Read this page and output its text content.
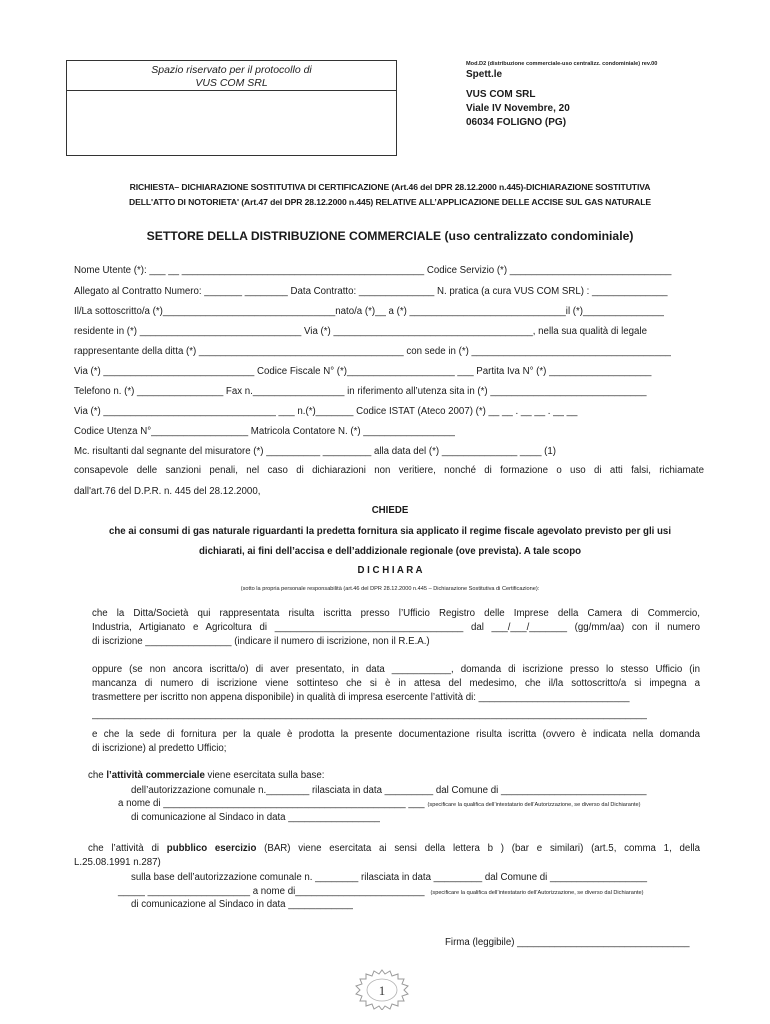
Spazio riservato per il protocollo di
VUS COM SRL
Mod.D2 (distribuzione commerciale-uso centralizz. condominiale) rev.00
Spett.le
VUS COM SRL
Viale IV Novembre, 20
06034 FOLIGNO (PG)
RICHIESTA– DICHIARAZIONE SOSTITUTIVA DI CERTIFICAZIONE (Art.46 del DPR 28.12.2000 n.445)-DICHIARAZIONE SOSTITUTIVA
DELL'ATTO DI NOTORIETA' (Art.47 del DPR 28.12.2000 n.445) RELATIVE ALL’APPLICAZIONE DELLE ACCISE SUL GAS NATURALE
SETTORE DELLA DISTRIBUZIONE COMMERCIALE (uso centralizzato condominiale)
Nome Utente (*): ___ __ _____________________________________________ Codice Servizio (*) ______________________________
Allegato al Contratto Numero: _______ ________ Data Contratto: ______________ N. pratica (a cura VUS COM SRL) : ______________
Il/La sottoscritto/a (*)________________________________nato/a (*)__ a (*) _____________________________il (*)_______________
residente in (*) ______________________________ Via (*) _____________________________________, nella sua qualità di legale
rappresentante della ditta (*) ______________________________________ con sede in (*) _____________________________________
Via (*) ____________________________ Codice Fiscale N° (*)____________________ ___ Partita Iva N° (*) ___________________
Telefono n. (*) ________________ Fax n._________________ in riferimento all’utenza sita in (*) _____________________________
Via (*) ________________________________ ___ n.(*)_______ Codice ISTAT (Ateco 2007) (*) __ __ . __ __ . __ __
Codice Utenza N°__________________ Matricola Contatore N. (*) _________________
Mc. risultanti dal segnante del misuratore (*) __________ _________ alla data del (*) ______________ ____ (1)
consapevole delle sanzioni penali, nel caso di dichiarazioni non veritiere, nonché di formazione o uso di atti falsi, richiamate
dall'art.76 del D.P.R. n. 445 del 28.12.2000,
CHIEDE
che ai consumi di gas naturale riguardanti la predetta fornitura sia applicato il regime fiscale agevolato previsto per gli usi
dichiarati, ai fini dell’accisa e dell’addizionale regionale (ove prevista). A tale scopo
D I C H I A R A
(sotto la propria personale responsabilità (art.46 del DPR 28.12.2000 n.445 – Dichiarazione Sostitutiva di Certificazione):
che la Ditta/Società qui rappresentata risulta iscritta presso l’Ufficio Registro delle Imprese della Camera di Commercio,
Industria, Artigianato e Agricoltura di ___________________________________ dal ___/___/_______ (gg/mm/aa) con il numero
di iscrizione ________________ (indicare il numero di iscrizione, non il R.E.A.)
oppure (se non ancora iscritta/o) di aver presentato, in data ___________, domanda di iscrizione presso lo stesso Ufficio (in
mancanza di numero di iscrizione viene sottinteso che si è in attesa del medesimo, che il/la sottoscritto/a si impegna a
trasmettere per iscritto non appena disponibile) in qualità di impresa esercente l’attività di: ____________________________
_______________________________________________________________________________________________________
e che la sede di fornitura per la quale è prodotta la presente documentazione risulta iscritta (ovvero è indicata nella domanda
di iscrizione) al predetto Ufficio;
che l’attività commerciale viene esercitata sulla base:
dell’autorizzazione comunale n.________ rilasciata in data _________ dal Comune di ___________________________
a nome di _____________________________________________ ___ (specificare la qualifica dell’intestatario dell’Autorizzazione, se diverso dal Dichiarante)
di comunicazione al Sindaco in data _________________
che l’attività di pubblico esercizio (BAR) viene esercitata ai sensi della lettera b ) (bar e similari) (art.5, comma 1, della
L.25.08.1991 n.287)
sulla base dell’autorizzazione comunale n. ________ rilasciata in data _________ dal Comune di __________________
_____ ___________________ a nome di________________________ (specificare la qualifica dell’intestatario dell’Autorizzazione, se diverso dal Dichiarante)
di comunicazione al Sindaco in data ____________
Firma (leggibile) ________________________________
1
